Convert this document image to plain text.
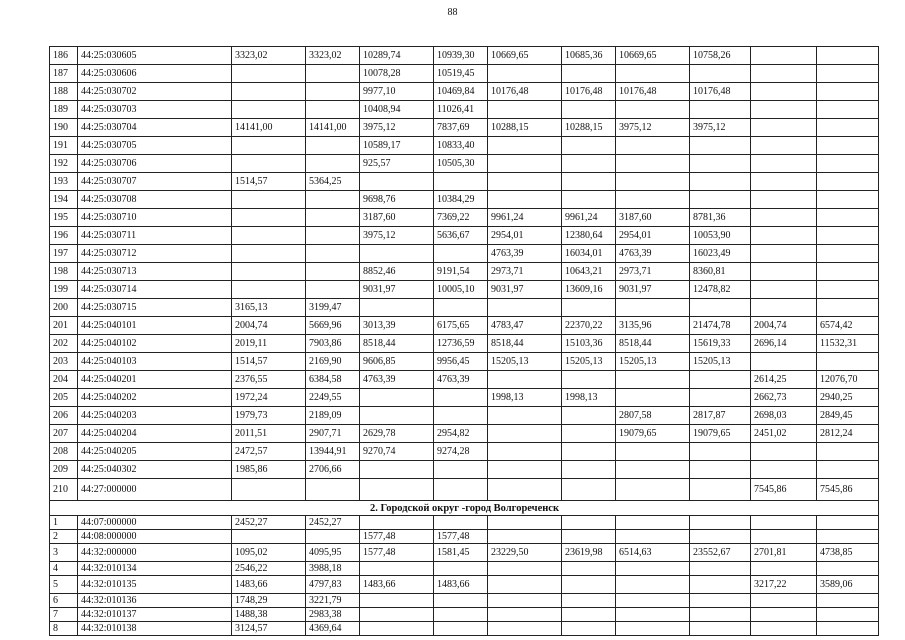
88
186	44:25:030605	3323,02	3323,02	10289,74	10939,30	10669,65	10685,36	10669,65	10758,26		
187	44:25:030606			10078,28	10519,45						
188	44:25:030702			9977,10	10469,84	10176,48	10176,48	10176,48	10176,48		
189	44:25:030703			10408,94	11026,41						
190	44:25:030704	14141,00	14141,00	3975,12	7837,69	10288,15	10288,15	3975,12	3975,12		
191	44:25:030705			10589,17	10833,40						
192	44:25:030706			925,57	10505,30						
193	44:25:030707	1514,57	5364,25								
194	44:25:030708			9698,76	10384,29						
195	44:25:030710			3187,60	7369,22	9961,24	9961,24	3187,60	8781,36		
196	44:25:030711			3975,12	5636,67	2954,01	12380,64	2954,01	10053,90		
197	44:25:030712					4763,39	16034,01	4763,39	16023,49		
198	44:25:030713			8852,46	9191,54	2973,71	10643,21	2973,71	8360,81		
199	44:25:030714			9031,97	10005,10	9031,97	13609,16	9031,97	12478,82		
200	44:25:030715	3165,13	3199,47								
201	44:25:040101	2004,74	5669,96	3013,39	6175,65	4783,47	22370,22	3135,96	21474,78	2004,74	6574,42
202	44:25:040102	2019,11	7903,86	8518,44	12736,59	8518,44	15103,36	8518,44	15619,33	2696,14	11532,31
203	44:25:040103	1514,57	2169,90	9606,85	9956,45	15205,13	15205,13	15205,13	15205,13		
204	44:25:040201	2376,55	6384,58	4763,39	4763,39					2614,25	12076,70
205	44:25:040202	1972,24	2249,55			1998,13	1998,13			2662,73	2940,25
206	44:25:040203	1979,73	2189,09					2807,58	2817,87	2698,03	2849,45
207	44:25:040204	2011,51	2907,71	2629,78	2954,82			19079,65	19079,65	2451,02	2812,24
208	44:25:040205	2472,57	13944,91	9270,74	9274,28						
209	44:25:040302	1985,86	2706,66								
210	44:27:000000									7545,86	7545,86
2. Городской округ -город Волгореченск											
1	44:07:000000	2452,27	2452,27								
2	44:08:000000			1577,48	1577,48						
3	44:32:000000	1095,02	4095,95	1577,48	1581,45	23229,50	23619,98	6514,63	23552,67	2701,81	4738,85
4	44:32:010134	2546,22	3988,18								
5	44:32:010135	1483,66	4797,83	1483,66	1483,66					3217,22	3589,06
6	44:32:010136	1748,29	3221,79								
7	44:32:010137	1488,38	2983,38								
8	44:32:010138	3124,57	4369,64								
